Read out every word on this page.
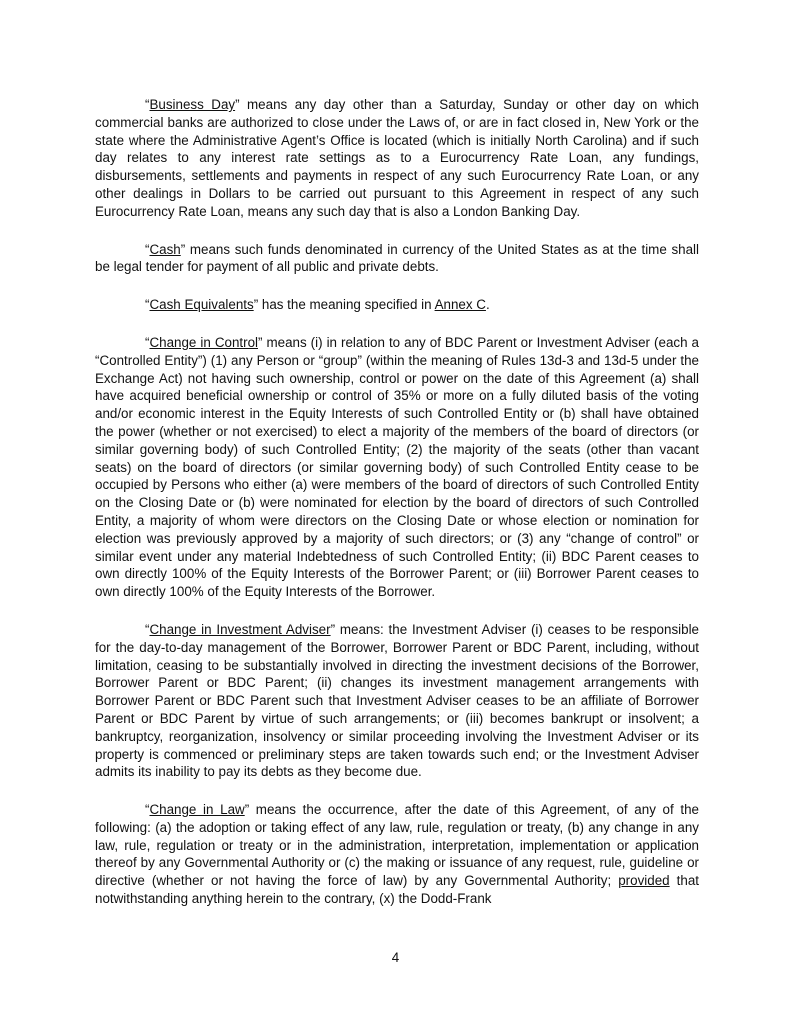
“Business Day” means any day other than a Saturday, Sunday or other day on which commercial banks are authorized to close under the Laws of, or are in fact closed in, New York or the state where the Administrative Agent’s Office is located (which is initially North Carolina) and if such day relates to any interest rate settings as to a Eurocurrency Rate Loan, any fundings, disbursements, settlements and payments in respect of any such Eurocurrency Rate Loan, or any other dealings in Dollars to be carried out pursuant to this Agreement in respect of any such Eurocurrency Rate Loan, means any such day that is also a London Banking Day.

“Cash” means such funds denominated in currency of the United States as at the time shall be legal tender for payment of all public and private debts.

“Cash Equivalents” has the meaning specified in Annex C.

“Change in Control” means (i) in relation to any of BDC Parent or Investment Adviser (each a “Controlled Entity”) (1) any Person or “group” (within the meaning of Rules 13d-3 and 13d-5 under the Exchange Act) not having such ownership, control or power on the date of this Agreement (a) shall have acquired beneficial ownership or control of 35% or more on a fully diluted basis of the voting and/or economic interest in the Equity Interests of such Controlled Entity or (b) shall have obtained the power (whether or not exercised) to elect a majority of the members of the board of directors (or similar governing body) of such Controlled Entity; (2) the majority of the seats (other than vacant seats) on the board of directors (or similar governing body) of such Controlled Entity cease to be occupied by Persons who either (a) were members of the board of directors of such Controlled Entity on the Closing Date or (b) were nominated for election by the board of directors of such Controlled Entity, a majority of whom were directors on the Closing Date or whose election or nomination for election was previously approved by a majority of such directors; or (3) any “change of control” or similar event under any material Indebtedness of such Controlled Entity; (ii) BDC Parent ceases to own directly 100% of the Equity Interests of the Borrower Parent; or (iii) Borrower Parent ceases to own directly 100% of the Equity Interests of the Borrower.

“Change in Investment Adviser” means: the Investment Adviser (i) ceases to be responsible for the day-to-day management of the Borrower, Borrower Parent or BDC Parent, including, without limitation, ceasing to be substantially involved in directing the investment decisions of the Borrower, Borrower Parent or BDC Parent; (ii) changes its investment management arrangements with Borrower Parent or BDC Parent such that Investment Adviser ceases to be an affiliate of Borrower Parent or BDC Parent by virtue of such arrangements; or (iii) becomes bankrupt or insolvent; a bankruptcy, reorganization, insolvency or similar proceeding involving the Investment Adviser or its property is commenced or preliminary steps are taken towards such end; or the Investment Adviser admits its inability to pay its debts as they become due.

“Change in Law” means the occurrence, after the date of this Agreement, of any of the following: (a) the adoption or taking effect of any law, rule, regulation or treaty, (b) any change in any law, rule, regulation or treaty or in the administration, interpretation, implementation or application thereof by any Governmental Authority or (c) the making or issuance of any request, rule, guideline or directive (whether or not having the force of law) by any Governmental Authority; provided that notwithstanding anything herein to the contrary, (x) the Dodd-Frank

4
